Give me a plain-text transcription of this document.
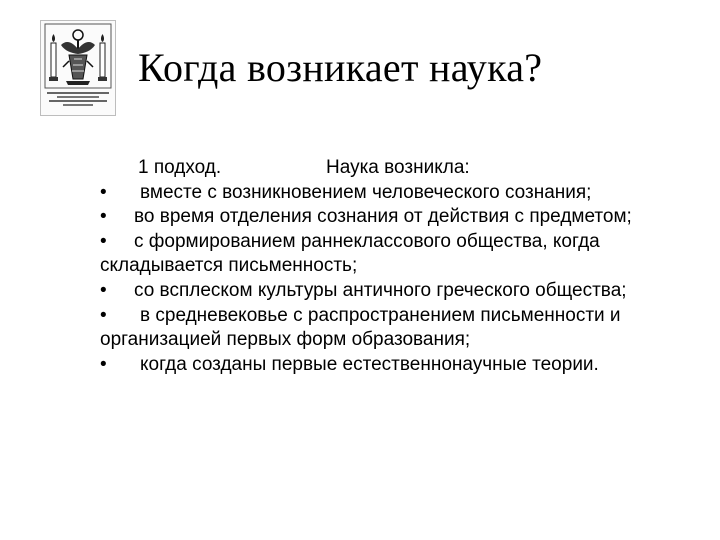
Когда возникает наука?
1 подход.	Наука возникла:
• вместе с возникновением человеческого сознания;
• во время отделения сознания от действия с предметом;
• с формированием раннеклассового общества, когда складывается письменность;
• со всплеском культуры античного греческого общества;
• в средневековье с распространением письменности и организацией первых форм образования;
• когда созданы первые естественнонаучные теории.
